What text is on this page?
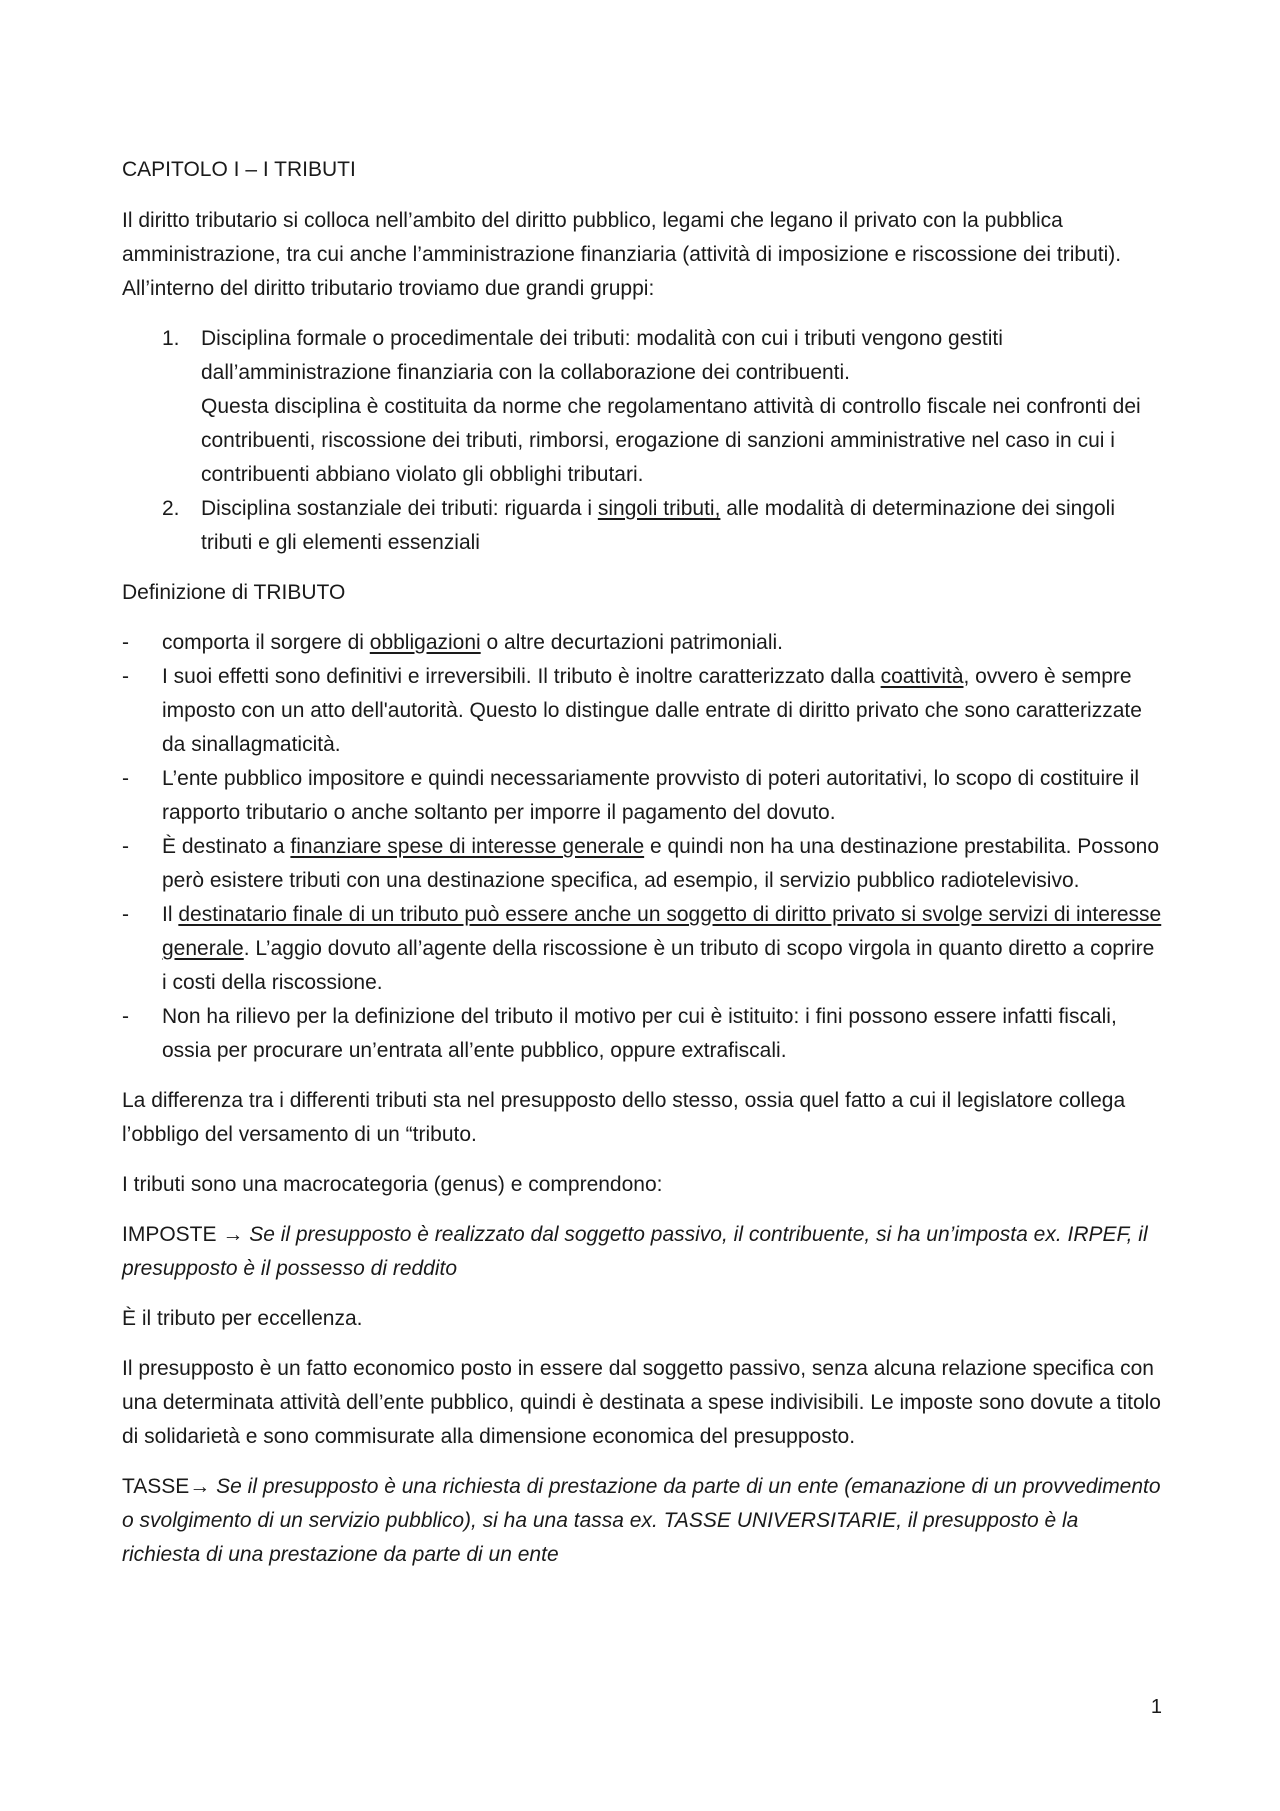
CAPITOLO I – I TRIBUTI

Il diritto tributario si colloca nell’ambito del diritto pubblico, legami che legano il privato con la pubblica amministrazione, tra cui anche l’amministrazione finanziaria (attività di imposizione e riscossione dei tributi). All’interno del diritto tributario troviamo due grandi gruppi:

1. Disciplina formale o procedimentale dei tributi: modalità con cui i tributi vengono gestiti dall’amministrazione finanziaria con la collaborazione dei contribuenti.
Questa disciplina è costituita da norme che regolamentano attività di controllo fiscale nei confronti dei contribuenti, riscossione dei tributi, rimborsi, erogazione di sanzioni amministrative nel caso in cui i contribuenti abbiano violato gli obblighi tributari.
2. Disciplina sostanziale dei tributi: riguarda i singoli tributi, alle modalità di determinazione dei singoli tributi e gli elementi essenziali

Definizione di TRIBUTO

- comporta il sorgere di obbligazioni o altre decurtazioni patrimoniali.
- I suoi effetti sono definitivi e irreversibili. Il tributo è inoltre caratterizzato dalla coattività, ovvero è sempre imposto con un atto dell'autorità. Questo lo distingue dalle entrate di diritto privato che sono caratterizzate da sinallagmaticità.
- L’ente pubblico impositore e quindi necessariamente provvisto di poteri autoritativi, lo scopo di costituire il rapporto tributario o anche soltanto per imporre il pagamento del dovuto.
- È destinato a finanziare spese di interesse generale e quindi non ha una destinazione prestabilita. Possono però esistere tributi con una destinazione specifica, ad esempio, il servizio pubblico radiotelevisivo.
- Il destinatario finale di un tributo può essere anche un soggetto di diritto privato si svolge servizi di interesse generale. L’aggio dovuto all’agente della riscossione è un tributo di scopo virgola in quanto diretto a coprire i costi della riscossione.
- Non ha rilievo per la definizione del tributo il motivo per cui è istituito: i fini possono essere infatti fiscali, ossia per procurare un’entrata all’ente pubblico, oppure extrafiscali.

La differenza tra i differenti tributi sta nel presupposto dello stesso, ossia quel fatto a cui il legislatore collega l’obbligo del versamento di un “tributo.

I tributi sono una macrocategoria (genus) e comprendono:

IMPOSTE → Se il presupposto è realizzato dal soggetto passivo, il contribuente, si ha un’imposta ex. IRPEF, il presupposto è il possesso di reddito

È il tributo per eccellenza.

Il presupposto è un fatto economico posto in essere dal soggetto passivo, senza alcuna relazione specifica con una determinata attività dell’ente pubblico, quindi è destinata a spese indivisibili. Le imposte sono dovute a titolo di solidarietà e sono commisurate alla dimensione economica del presupposto.

TASSE→ Se il presupposto è una richiesta di prestazione da parte di un ente (emanazione di un provvedimento o svolgimento di un servizio pubblico), si ha una tassa ex. TASSE UNIVERSITARIE, il presupposto è la richiesta di una prestazione da parte di un ente

1
